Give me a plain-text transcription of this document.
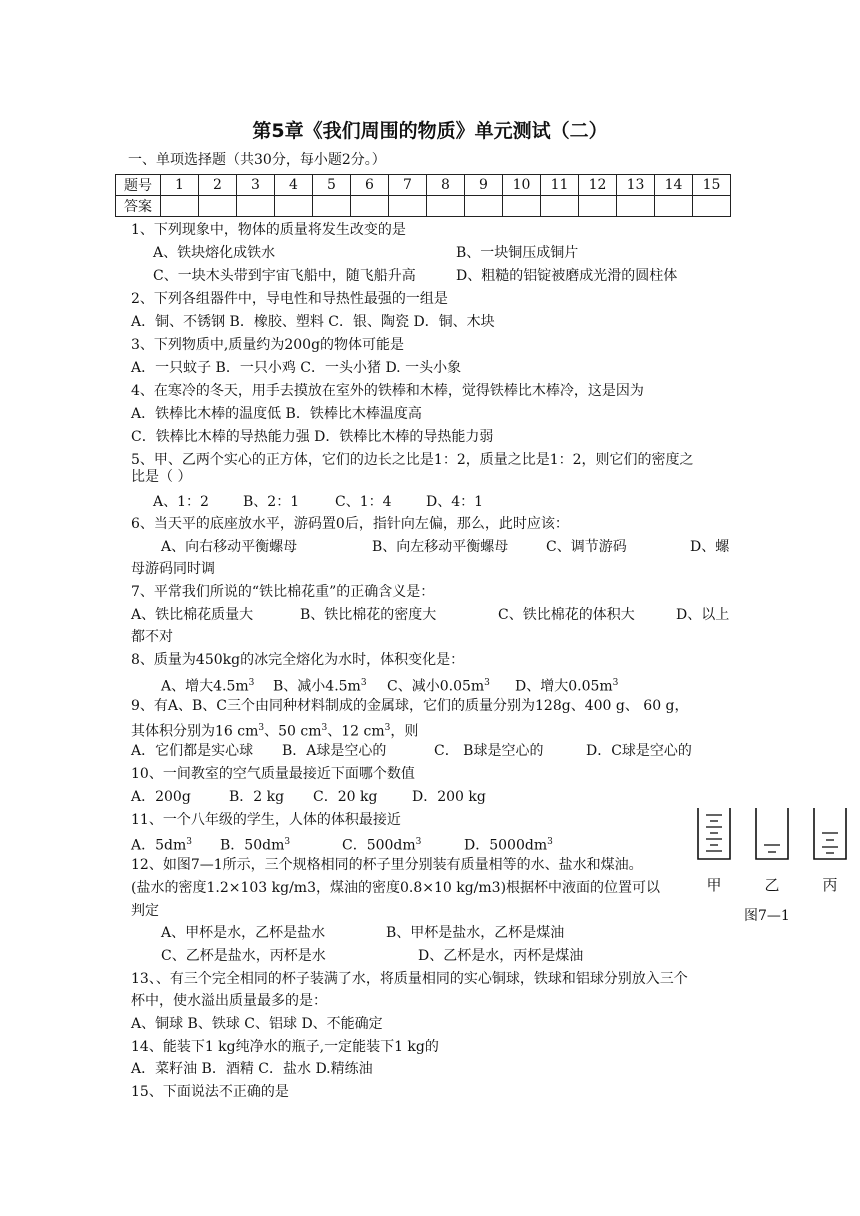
第5章《我们周围的物质》单元测试（二）
一、单项选择题（共30分，每小题2分。）
题号	1	2	3	4	5	6	7	8	9	10	11	12	13	14	15
答案															
1、下列现象中，物体的质量将发生改变的是
A、铁块熔化成铁水	B、一块铜压成铜片
C、一块木头带到宇宙飞船中，随飞船升高	D、粗糙的铝锭被磨成光滑的圆柱体
2、下列各组器件中，导电性和导热性最强的一组是
A．铜、不锈钢 B．橡胶、塑料 C．银、陶瓷 D．铜、木块
3、下列物质中,质量约为200g的物体可能是
A．一只蚊子 B．一只小鸡 C．一头小猪 D. 一头小象
4、在寒冷的冬天，用手去摸放在室外的铁棒和木棒，觉得铁棒比木棒冷，这是因为
A．铁棒比木棒的温度低 B．铁棒比木棒温度高
C．铁棒比木棒的导热能力强 D．铁棒比木棒的导热能力弱
5、甲、乙两个实心的正方体，它们的边长之比是1：2，质量之比是1：2，则它们的密度之
比是（ ）
A、1：2 B、2：1	C、1：4 D、4：1
6、当天平的底座放水平，游码置0后，指针向左偏，那么，此时应该：
A、向右移动平衡螺母	B、向左移动平衡螺母	C、调节游码	D、螺
母游码同时调
7、平常我们所说的“铁比棉花重”的正确含义是：
A、铁比棉花质量大	B、铁比棉花的密度大	C、铁比棉花的体积大	D、以上
都不对
8、质量为450kg的冰完全熔化为水时，体积变化是：
A、增大$4.5m^3$ B、减小$4.5m^3$ C、减小$0.05m^3$ D、增大$0.05m^3$
9、有A、B、C三个由同种材料制成的金属球，它们的质量分别为128g、400 g、 60 g，
其体积分别为16 $cm^3$、50 $cm^3$、12 $cm^3$，则
A．它们都是实心球 B．A球是空心的	C． B球是空心的	D．C球是空心的
10、一间教室的空气质量最接近下面哪个数值
A．200g	B．2 kg C．20 kg D．200 kg
11、一个八年级的学生，人体的体积最接近
A．$5dm^3$ B．$50dm^3$	C．$500dm^3$	D．$5000dm^3$
12、如图7—1所示，三个规格相同的杯子里分别装有质量相等的水、盐水和煤油。
(盐水的密度1.2×103 kg/m3，煤油的密度0.8×10 kg/m3)根据杯中液面的位置可以
判定
A、甲杯是水，乙杯是盐水	B、甲杯是盐水，乙杯是煤油
C、乙杯是盐水，丙杯是水	D、乙杯是水，丙杯是煤油
13、、有三个完全相同的杯子装满了水，将质量相同的实心铜球，铁球和铝球分别放入三个
杯中，使水溢出质量最多的是：
A、铜球 B、铁球 C、铝球 D、不能确定
14、能装下1 kg纯净水的瓶子,一定能装下1 kg的
A．菜籽油 B．酒精 C．盐水 D.精练油
15、下面说法不正确的是
甲	乙	丙
图7—1
